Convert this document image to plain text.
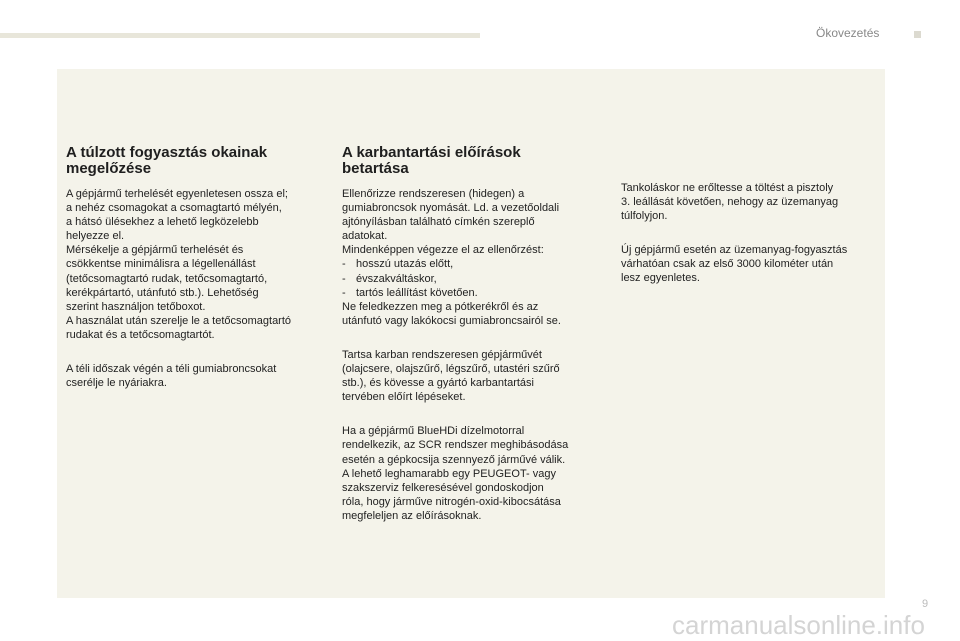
Ökovezetés
A túlzott fogyasztás okainak
megelőzése
A gépjármű terhelését egyenletesen ossza el;
a nehéz csomagokat a csomagtartó mélyén,
a hátsó ülésekhez a lehető legközelebb
helyezze el.
Mérsékelje a gépjármű terhelését és
csökkentse minimálisra a légellenállást
(tetőcsomagtartó rudak, tetőcsomagtartó,
kerékpártartó, utánfutó stb.). Lehetőség
szerint használjon tetőboxot.
A használat után szerelje le a tetőcsomagtartó
rudakat és a tetőcsomagtartót.
A téli időszak végén a téli gumiabroncsokat
cserélje le nyáriakra.
A karbantartási előírások
betartása
Ellenőrizze rendszeresen (hidegen) a
gumiabroncsok nyomását. Ld. a vezetőoldali
ajtónyílásban található címkén szereplő
adatokat.
Mindenképpen végezze el az ellenőrzést:
- hosszú utazás előtt,
- évszakváltáskor,
- tartós leállítást követően.
Ne feledkezzen meg a pótkerékről és az
utánfutó vagy lakókocsi gumiabroncsairól se.
Tartsa karban rendszeresen gépjárművét
(olajcsere, olajszűrő, légszűrő, utastéri szűrő
stb.), és kövesse a gyártó karbantartási
tervében előírt lépéseket.
Ha a gépjármű BlueHDi dízelmotorral
rendelkezik, az SCR rendszer meghibásodása
esetén a gépkocsija szennyező járművé válik.
A lehető leghamarabb egy PEUGEOT- vagy
szakszerviz felkeresésével gondoskodjon
róla, hogy járműve nitrogén-oxid-kibocsátása
megfeleljen az előírásoknak.
Tankoláskor ne erőltesse a töltést a pisztoly
3. leállását követően, nehogy az üzemanyag
túlfolyjon.
Új gépjármű esetén az üzemanyag-fogyasztás
várhatóan csak az első 3000 kilométer után
lesz egyenletes.
9
carmanualsonline.info
